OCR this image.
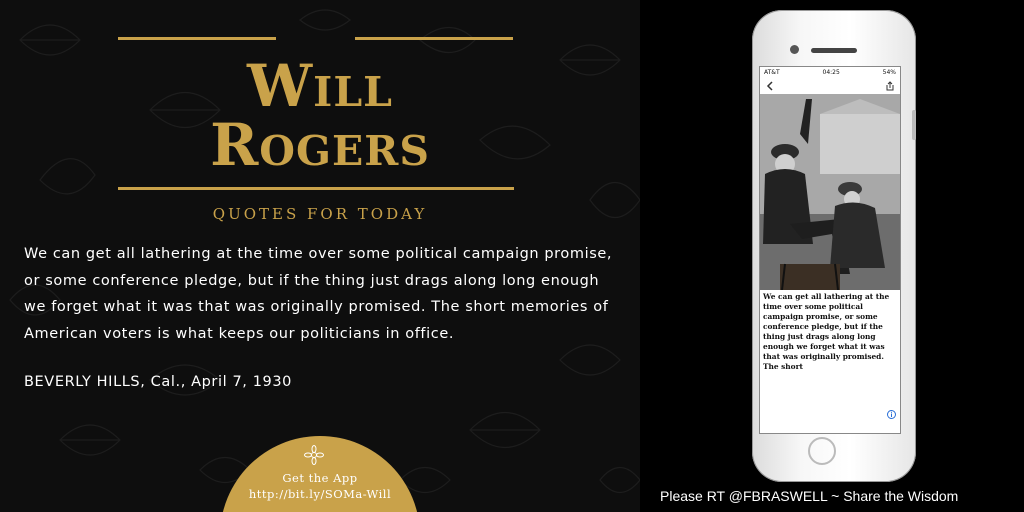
Will
Rogers
QUOTES FOR TODAY
We can get all lathering at the time over some political campaign promise, or some conference pledge, but if the thing just drags along long enough we forget what it was that was originally promised. The short memories of American voters is what keeps our politicians in office.
BEVERLY HILLS, Cal., April 7, 1930
Get the App
http://bit.ly/SOMa-Will
AT&T	04:25	54%
We can get all lathering at the time over some political campaign promise, or some conference pledge, but if the thing just drags along long enough we forget what it was that was originally promised. The short
Please RT @FBRASWELL ~ Share the Wisdom
